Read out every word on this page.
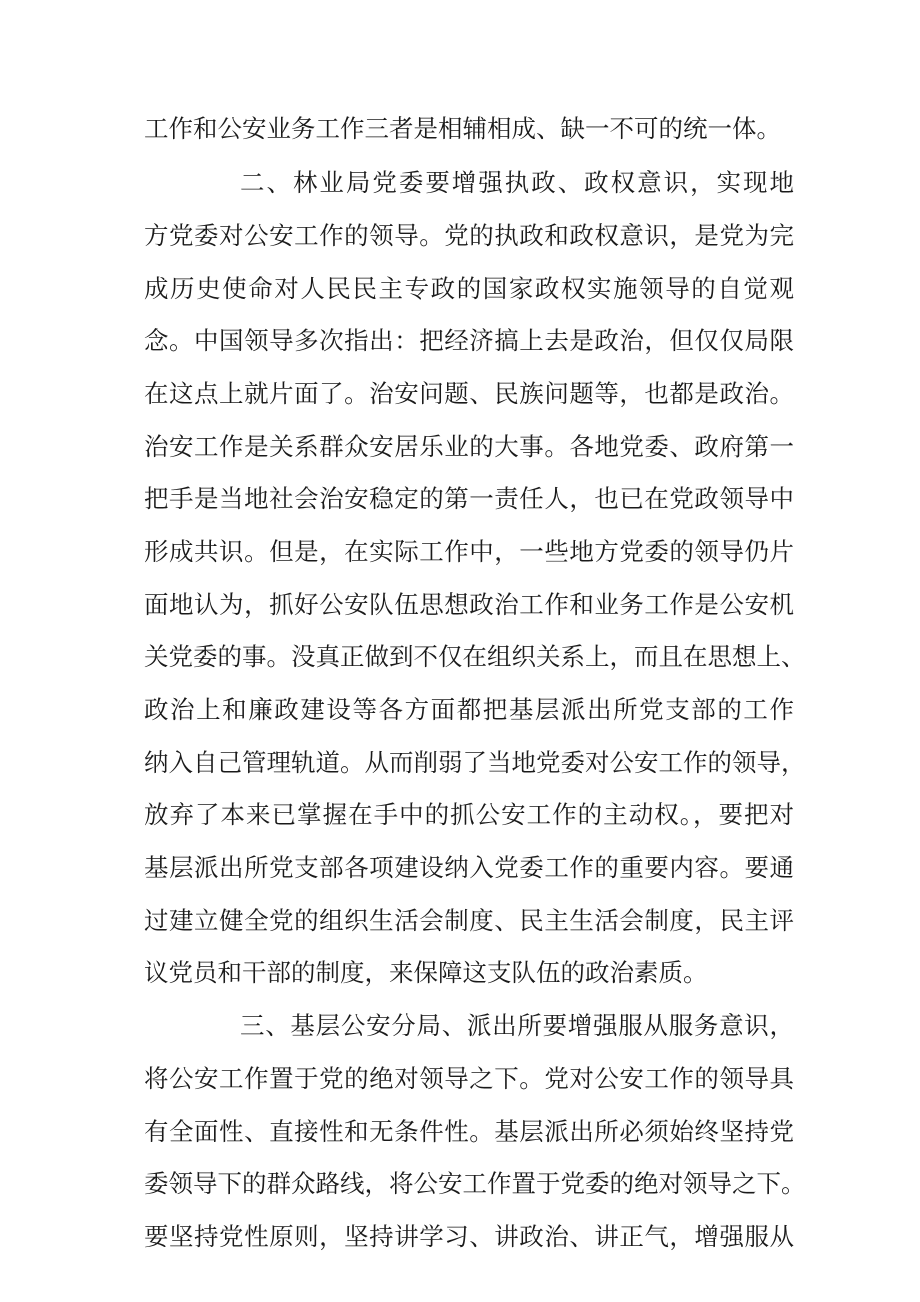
工作和公安业务工作三者是相辅相成、缺一不可的统一体。
二、林业局党委要增强执政、政权意识，实现地
方党委对公安工作的领导。党的执政和政权意识，是党为完
成历史使命对人民民主专政的国家政权实施领导的自觉观
念。中国领导多次指出：把经济搞上去是政治，但仅仅局限
在这点上就片面了。治安问题、民族问题等，也都是政治。
治安工作是关系群众安居乐业的大事。各地党委、政府第一
把手是当地社会治安稳定的第一责任人，也已在党政领导中
形成共识。但是，在实际工作中，一些地方党委的领导仍片
面地认为，抓好公安队伍思想政治工作和业务工作是公安机
关党委的事。没真正做到不仅在组织关系上，而且在思想上、
政治上和廉政建设等各方面都把基层派出所党支部的工作
纳入自己管理轨道。从而削弱了当地党委对公安工作的领导，
放弃了本来已掌握在手中的抓公安工作的主动权。，要把对
基层派出所党支部各项建设纳入党委工作的重要内容。要通
过建立健全党的组织生活会制度、民主生活会制度，民主评
议党员和干部的制度，来保障这支队伍的政治素质。
三、基层公安分局、派出所要增强服从服务意识，
将公安工作置于党的绝对领导之下。党对公安工作的领导具
有全面性、直接性和无条件性。基层派出所必须始终坚持党
委领导下的群众路线，将公安工作置于党委的绝对领导之下。
要坚持党性原则，坚持讲学习、讲政治、讲正气，增强服从
